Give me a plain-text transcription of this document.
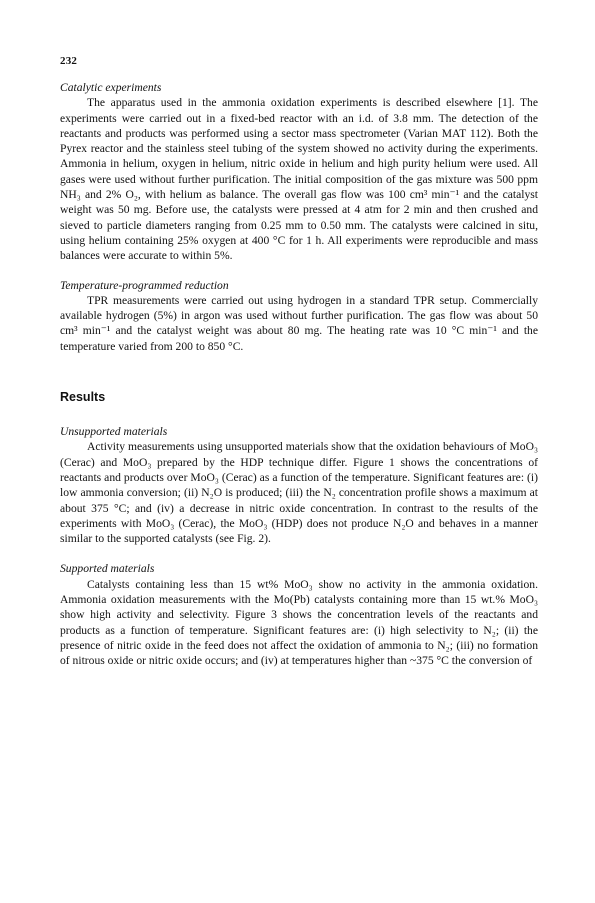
232
Catalytic experiments

The apparatus used in the ammonia oxidation experiments is described elsewhere [1]. The experiments were carried out in a fixed-bed reactor with an i.d. of 3.8 mm. The detection of the reactants and products was performed using a sector mass spectrometer (Varian MAT 112). Both the Pyrex reactor and the stainless steel tubing of the system showed no activity during the experiments. Ammonia in helium, oxygen in helium, nitric oxide in helium and high purity helium were used. All gases were used without further purification. The initial composition of the gas mixture was 500 ppm NH₃ and 2% O₂, with helium as balance. The overall gas flow was 100 cm³ min⁻¹ and the catalyst weight was 50 mg. Before use, the catalysts were pressed at 4 atm for 2 min and then crushed and sieved to particle diameters ranging from 0.25 mm to 0.50 mm. The catalysts were calcined in situ, using helium containing 25% oxygen at 400 °C for 1 h. All experiments were reproducible and mass balances were accurate to within 5%.

Temperature-programmed reduction

TPR measurements were carried out using hydrogen in a standard TPR setup. Commercially available hydrogen (5%) in argon was used without further purification. The gas flow was about 50 cm³ min⁻¹ and the catalyst weight was about 80 mg. The heating rate was 10 °C min⁻¹ and the temperature varied from 200 to 850 °C.

Results
Unsupported materials

Activity measurements using unsupported materials show that the oxidation behaviours of MoO₃ (Cerac) and MoO₃ prepared by the HDP technique differ. Figure 1 shows the concentrations of reactants and products over MoO₃ (Cerac) as a function of the temperature. Significant features are: (i) low ammonia conversion; (ii) N₂O is produced; (iii) the N₂ concentration profile shows a maximum at about 375 °C; and (iv) a decrease in nitric oxide concentration. In contrast to the results of the experiments with MoO₃ (Cerac), the MoO₃ (HDP) does not produce N₂O and behaves in a manner similar to the supported catalysts (see Fig. 2).

Supported materials

Catalysts containing less than 15 wt% MoO₃ show no activity in the ammonia oxidation. Ammonia oxidation measurements with the Mo(Pb) catalysts containing more than 15 wt.% MoO₃ show high activity and selectivity. Figure 3 shows the concentration levels of the reactants and products as a function of temperature. Significant features are: (i) high selectivity to N₂; (ii) the presence of nitric oxide in the feed does not affect the oxidation of ammonia to N₂; (iii) no formation of nitrous oxide or nitric oxide occurs; and (iv) at temperatures higher than ~375 °C the conversion of
